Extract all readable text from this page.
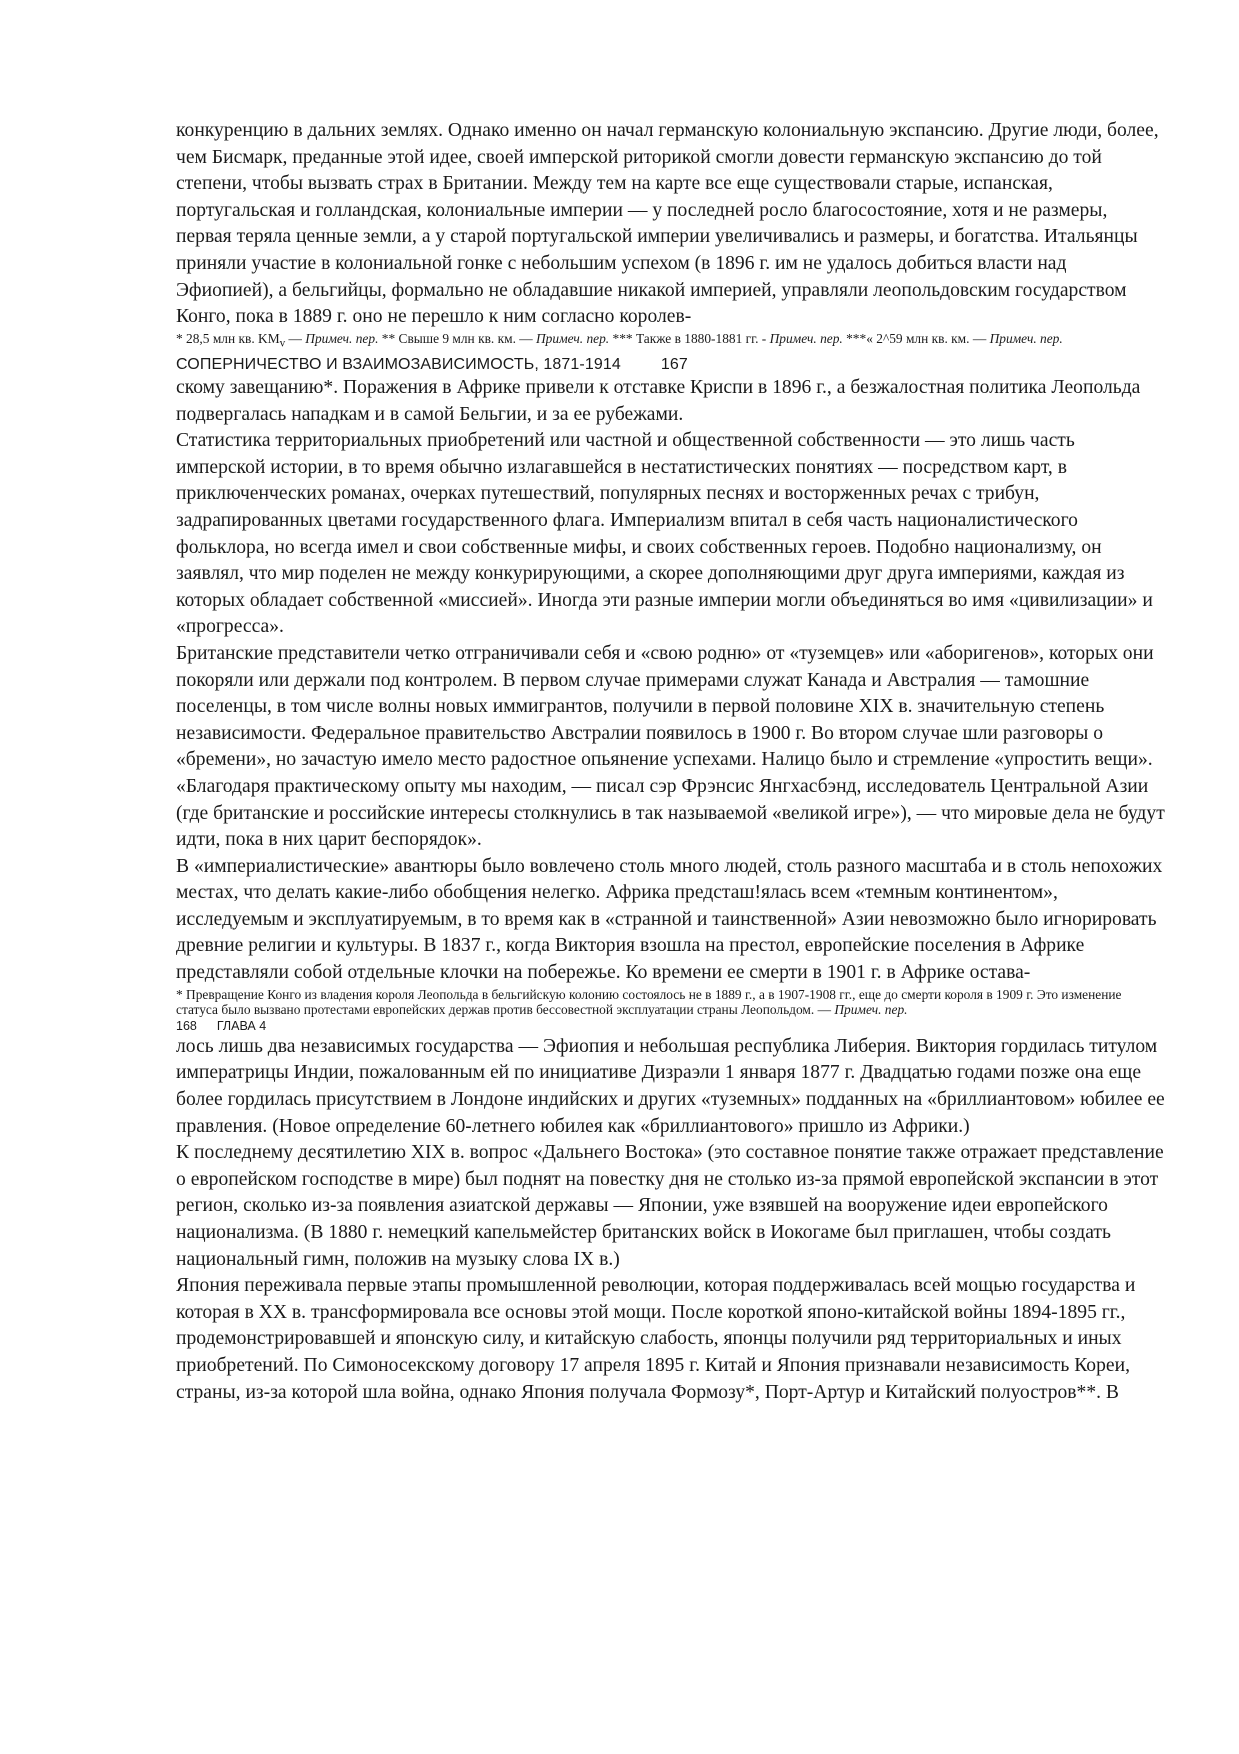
конкуренцию в дальних землях. Однако именно он начал германскую колониальную экспансию. Другие люди, более, чем Бисмарк, преданные этой идее, своей имперской риторикой смогли довести германскую экспансию до той степени, чтобы вызвать страх в Британии. Между тем на карте все еще существовали старые, испанская, португальская и голландская, колониальные империи — у последней росло благосостояние, хотя и не размеры, первая теряла ценные земли, а у старой португальской империи увеличивались и размеры, и богатства. Итальянцы приняли участие в колониальной гонке с небольшим успехом (в 1896 г. им не удалось добиться власти над Эфиопией), а бельгийцы, формально не обладавшие никакой империей, управляли леопольдовским государством Конго, пока в 1889 г. оно не перешло к ним согласно королев-

* 28,5 млн кв. $KM_v$ — Примеч. пер. ** Свыше 9 млн кв. км. — Примеч. пер. *** Также в 1880-1881 гг. - Примеч. пер. ***« 2^59 млн кв. км. — Примеч. пер.

СОПЕРНИЧЕСТВО И ВЗАИМОЗАВИСИМОСТЬ, 1871-1914	167

скому завещанию*. Поражения в Африке привели к отставке Криспи в 1896 г., а безжалостная политика Леопольда подвергалась нападкам и в самой Бельгии, и за ее рубежами.

Статистика территориальных приобретений или частной и общественной собственности — это лишь часть имперской истории, в то время обычно излагавшейся в нестатистических понятиях — посредством карт, в приключенческих романах, очерках путешествий, популярных песнях и восторженных речах с трибун, задрапированных цветами государственного флага. Империализм впитал в себя часть националистического фольклора, но всегда имел и свои собственные мифы, и своих собственных героев. Подобно национализму, он заявлял, что мир поделен не между конкурирующими, а скорее дополняющими друг друга империями, каждая из которых обладает собственной «миссией». Иногда эти разные империи могли объединяться во имя «цивилизации» и «прогресса».

Британские представители четко отграничивали себя и «свою родню» от «туземцев» или «аборигенов», которых они покоряли или держали под контролем. В первом случае примерами служат Канада и Австралия — тамошние поселенцы, в том числе волны новых иммигрантов, получили в первой половине XIX в. значительную степень независимости. Федеральное правительство Австралии появилось в 1900 г. Во втором случае шли разговоры о «бремени», но зачастую имело место радостное опьянение успехами. Налицо было и стремление «упростить вещи». «Благодаря практическому опыту мы находим, — писал сэр Фрэнсис Янгхасбэнд, исследователь Центральной Азии (где британские и российские интересы столкнулись в так называемой «великой игре»), — что мировые дела не будут идти, пока в них царит беспорядок».

В «империалистические» авантюры было вовлечено столь много людей, столь разного масштаба и в столь непохожих местах, что делать какие-либо обобщения нелегко. Африка предсташ!ялась всем «темным континентом», исследуемым и эксплуатируемым, в то время как в «странной и таинственной» Азии невозможно было игнорировать древние религии и культуры. В 1837 г., когда Виктория взошла на престол, европейские поселения в Африке представляли собой отдельные клочки на побережье. Ко времени ее смерти в 1901 г. в Африке остава-

* Превращение Конго из владения короля Леопольда в бельгийскую колонию состоялось не в 1889 г., а в 1907-1908 гг., еще до смерти короля в 1909 г. Это изменение статуса было вызвано протестами европейских держав против бессовестной эксплуатации страны Леопольдом. — Примеч. пер.

168 ГЛАВА 4

лось лишь два независимых государства — Эфиопия и небольшая республика Либерия. Виктория гордилась титулом императрицы Индии, пожалованным ей по инициативе Дизраэли 1 января 1877 г. Двадцатью годами позже она еще более гордилась присутствием в Лондоне индийских и других «туземных» подданных на «бриллиантовом» юбилее ее правления. (Новое определение 60-летнего юбилея как «бриллиантового» пришло из Африки.)

К последнему десятилетию XIX в. вопрос «Дальнего Востока» (это составное понятие также отражает представление о европейском господстве в мире) был поднят на повестку дня не столько из-за прямой европейской экспансии в этот регион, сколько из-за появления азиатской державы — Японии, уже взявшей на вооружение идеи европейского национализма. (В 1880 г. немецкий капельмейстер британских войск в Иокогаме был приглашен, чтобы создать национальный гимн, положив на музыку слова IX в.)

Япония переживала первые этапы промышленной революции, которая поддерживалась всей мощью государства и которая в XX в. трансформировала все основы этой мощи. После короткой японо-китайской войны 1894-1895 гг., продемонстрировавшей и японскую силу, и китайскую слабость, японцы получили ряд территориальных и иных приобретений. По Симоносекскому договору 17 апреля 1895 г. Китай и Япония признавали независимость Кореи, страны, из-за которой шла война, однако Япония получала Формозу*, Порт-Артур и Китайский полуостров**. В
